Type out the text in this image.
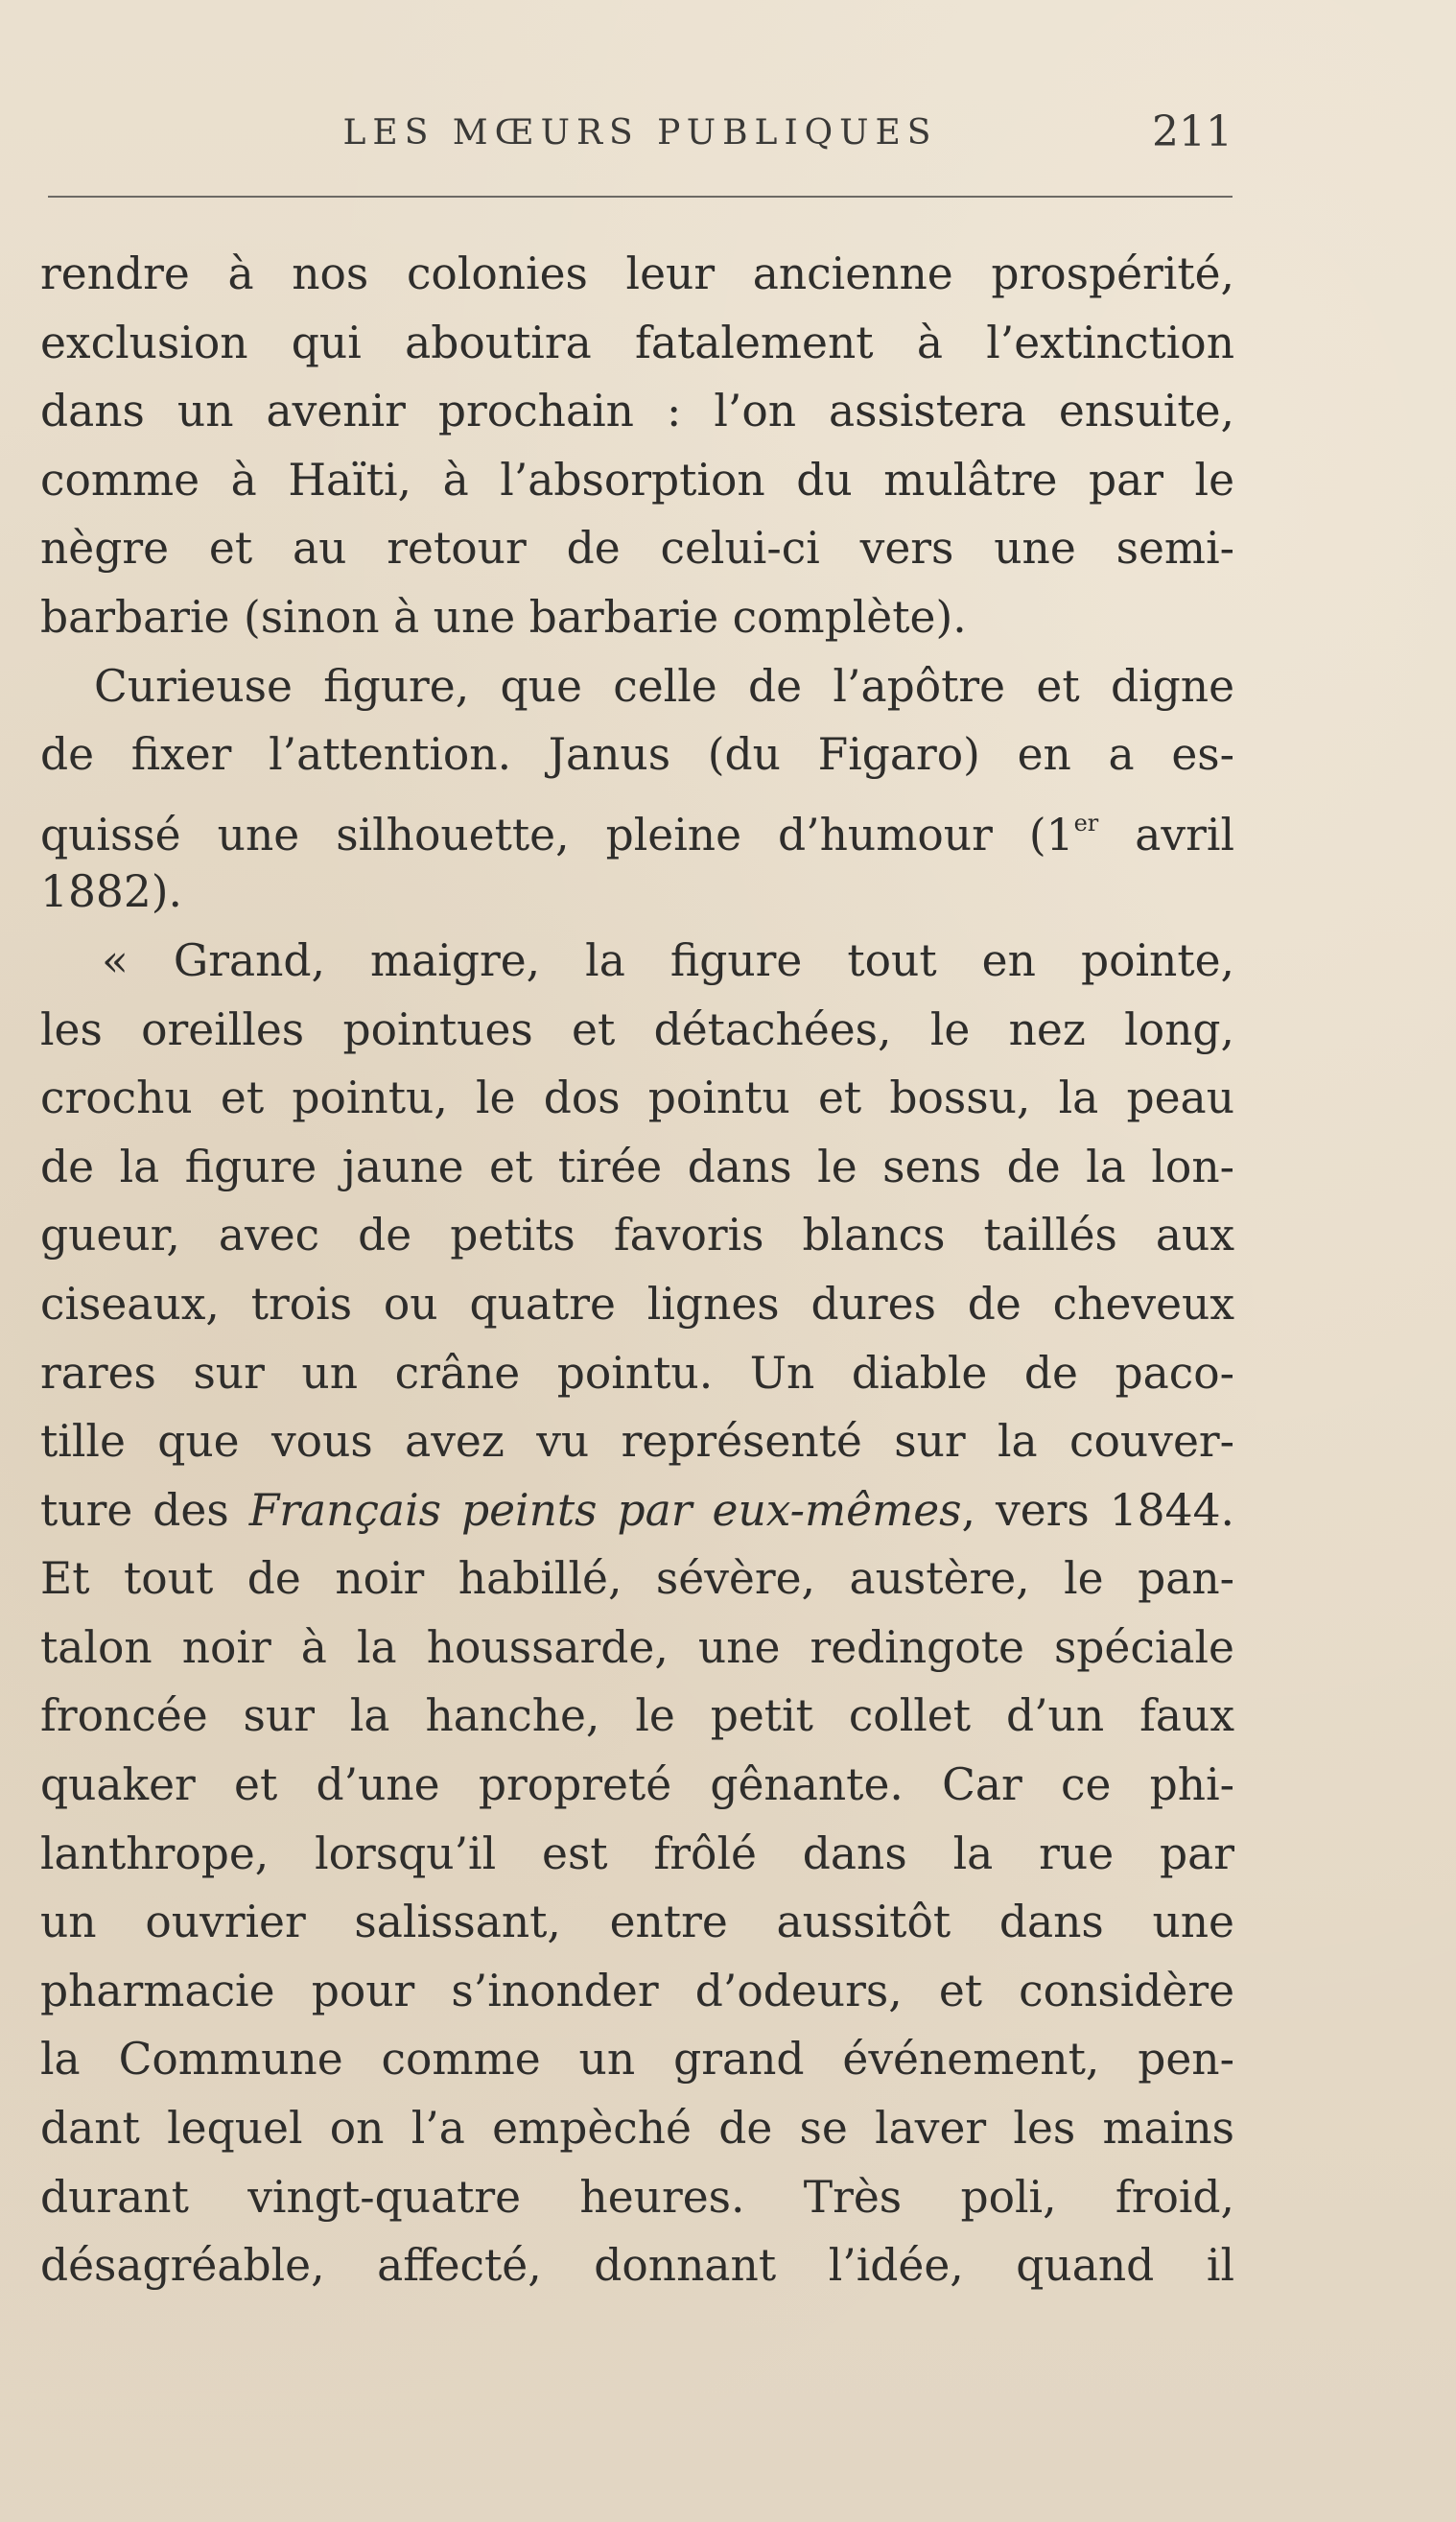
LES MŒURS PUBLIQUES	211
rendre à nos colonies leur ancienne prospérité,
exclusion qui aboutira fatalement à l’extinction
dans un avenir prochain : l’on assistera ensuite,
comme à Haïti, à l’absorption du mulâtre par le
nègre et au retour de celui-ci vers une semi-
barbarie (sinon à une barbarie complète).
Curieuse figure, que celle de l’apôtre et digne
de fixer l’attention. Janus (du Figaro) en a es-
quissé une silhouette, pleine d’humour (1er avril
1882).
« Grand, maigre, la figure tout en pointe,
les oreilles pointues et détachées, le nez long,
crochu et pointu, le dos pointu et bossu, la peau
de la figure jaune et tirée dans le sens de la lon-
gueur, avec de petits favoris blancs taillés aux
ciseaux, trois ou quatre lignes dures de cheveux
rares sur un crâne pointu. Un diable de paco-
tille que vous avez vu représenté sur la couver-
ture des Français peints par eux-mêmes, vers 1844.
Et tout de noir habillé, sévère, austère, le pan-
talon noir à la houssarde, une redingote spéciale
froncée sur la hanche, le petit collet d’un faux
quaker et d’une propreté gênante. Car ce phi-
lanthrope, lorsqu’il est frôlé dans la rue par
un ouvrier salissant, entre aussitôt dans une
pharmacie pour s’inonder d’odeurs, et considère
la Commune comme un grand événement, pen-
dant lequel on l’a empèché de se laver les mains
durant vingt-quatre heures. Très poli, froid,
désagréable, affecté, donnant l’idée, quand il
